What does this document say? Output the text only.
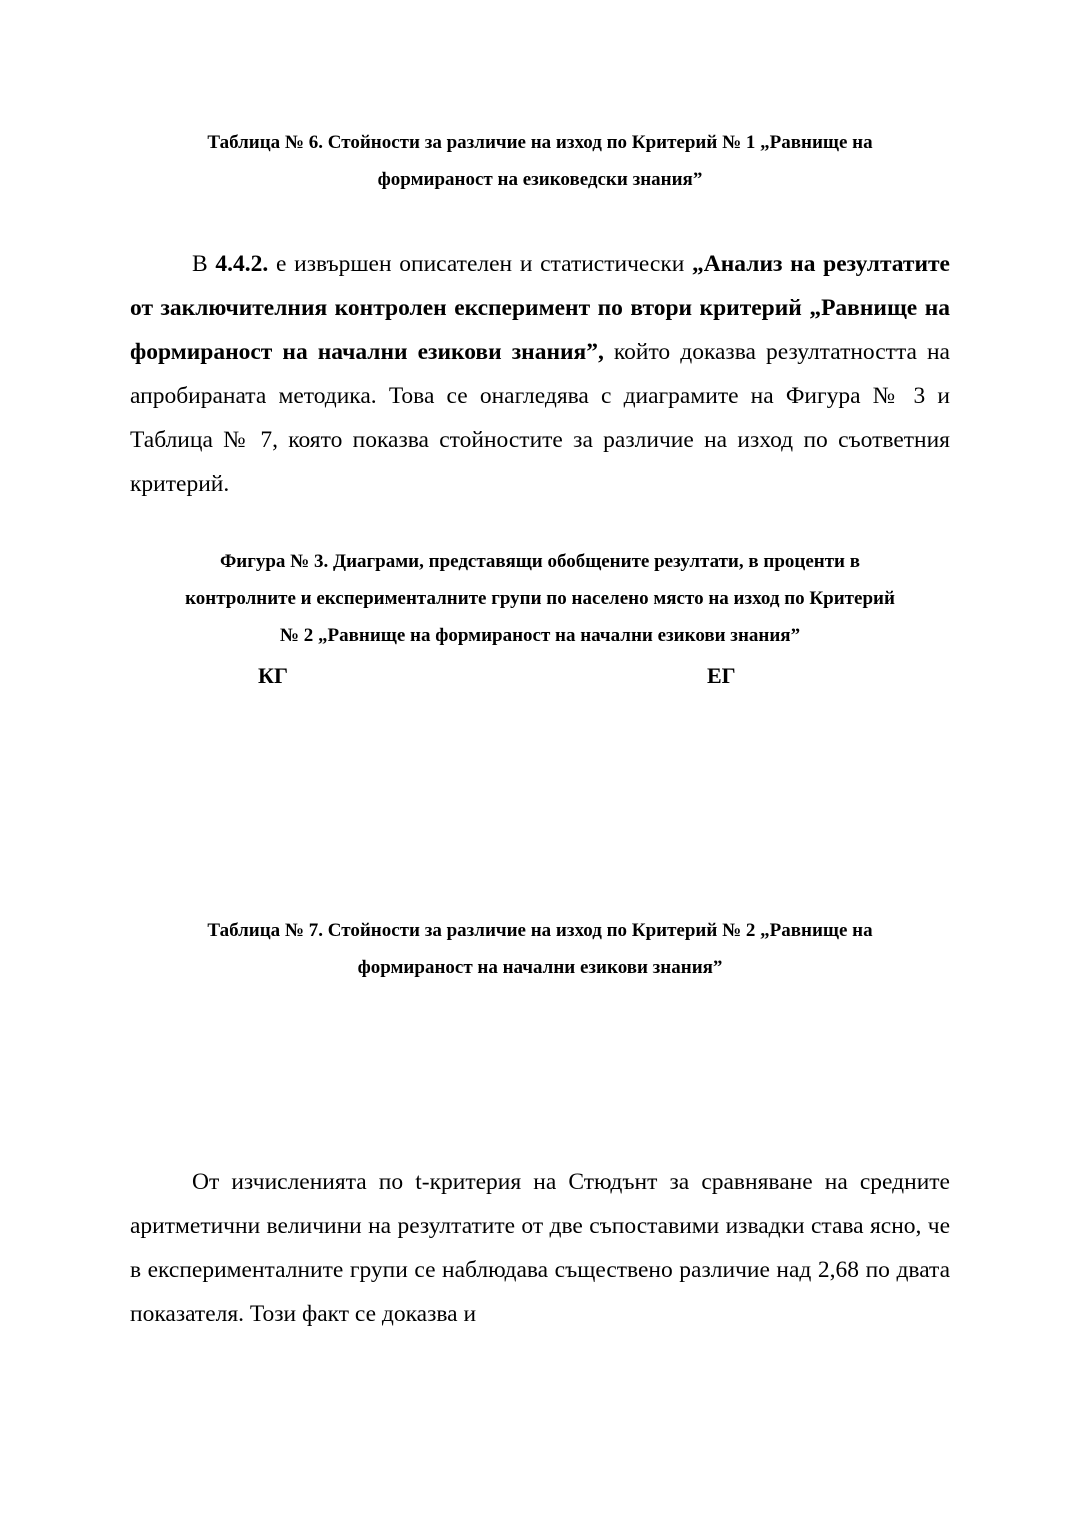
Таблица № 6. Стойности за различие на изход по Критерий № 1 „Равнище на
формираност на езиковедски знания”

В 4.4.2. е извършен описателен и статистически „Анализ на резултатите от заключителния контролен експеримент по втори критерий „Равнище на формираност на начални езикови знания”, който доказва резултатността на апробираната методика. Това се онагледява с диаграмите на Фигура № 3 и Таблица № 7, която показва стойностите за различие на изход по съответния критерий.

Фигура № 3. Диаграми, представящи обобщените резултати, в проценти в
контролните и експерименталните групи по населено място на изход по Критерий
№ 2 „Равнище на формираност на начални езикови знания”
КГ	ЕГ
Таблица № 7. Стойности за различие на изход по Критерий № 2 „Равнище на
формираност на начални езикови знания”

От изчисленията по t-критерия на Стюдънт за сравняване на средните аритметични величини на резултатите от две съпоставими извадки става ясно, че в експерименталните групи се наблюдава съществено различие над 2,68 по двата показателя. Този факт се доказва и
